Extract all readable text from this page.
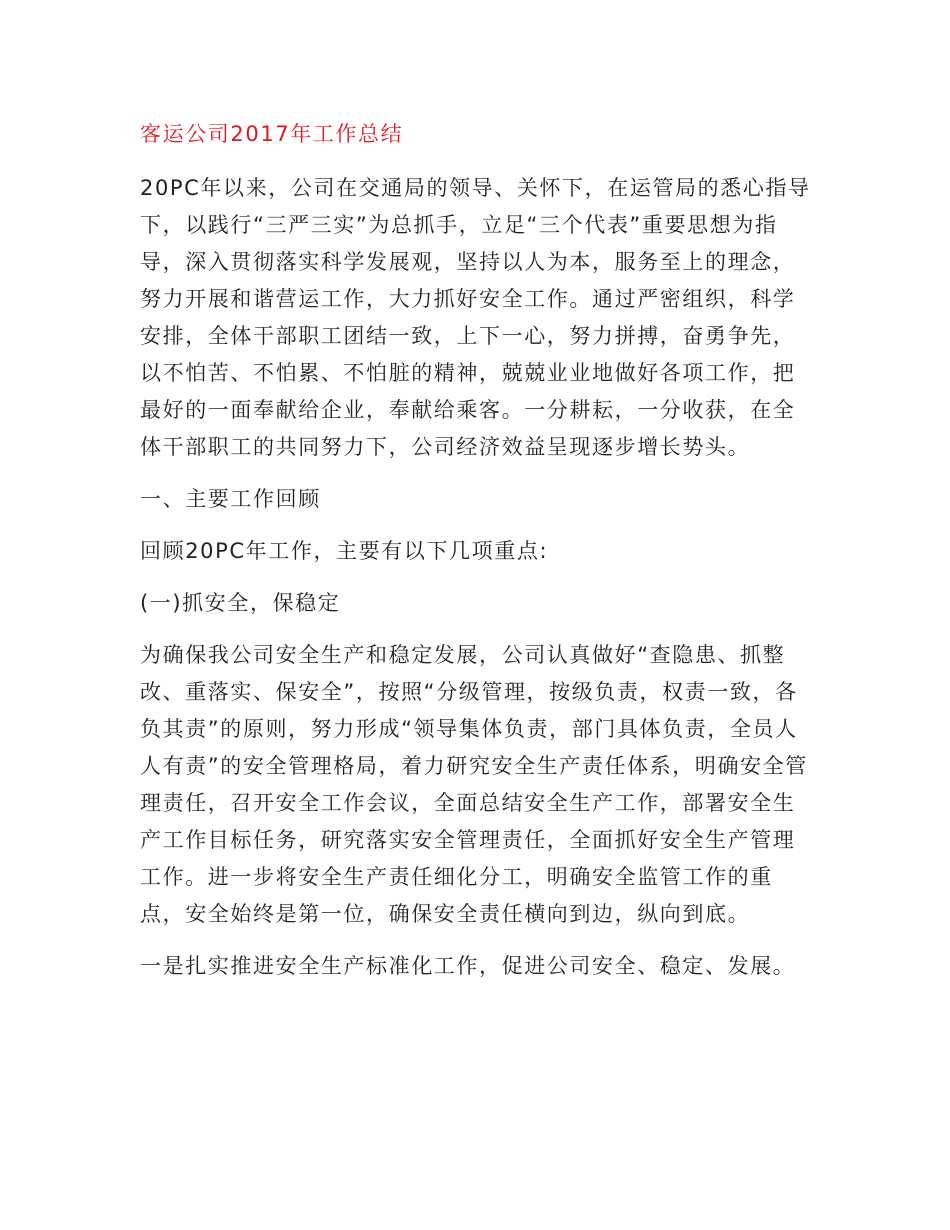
客运公司2017年工作总结

20PC年以来，公司在交通局的领导、关怀下，在运管局的悉心指导下，以践行“三严三实”为总抓手，立足“三个代表”重要思想为指导，深入贯彻落实科学发展观，坚持以人为本，服务至上的理念，努力开展和谐营运工作，大力抓好安全工作。通过严密组织，科学安排，全体干部职工团结一致，上下一心，努力拼搏，奋勇争先，以不怕苦、不怕累、不怕脏的精神，兢兢业业地做好各项工作，把最好的一面奉献给企业，奉献给乘客。一分耕耘，一分收获，在全体干部职工的共同努力下，公司经济效益呈现逐步增长势头。

一、主要工作回顾

回顾20PC年工作，主要有以下几项重点:

(一)抓安全，保稳定

为确保我公司安全生产和稳定发展，公司认真做好“查隐患、抓整改、重落实、保安全”，按照“分级管理，按级负责，权责一致，各负其责”的原则，努力形成“领导集体负责，部门具体负责，全员人人有责”的安全管理格局，着力研究安全生产责任体系，明确安全管理责任，召开安全工作会议，全面总结安全生产工作，部署安全生产工作目标任务，研究落实安全管理责任，全面抓好安全生产管理工作。进一步将安全生产责任细化分工，明确安全监管工作的重点，安全始终是第一位，确保安全责任横向到边，纵向到底。

一是扎实推进安全生产标准化工作，促进公司安全、稳定、发展。
